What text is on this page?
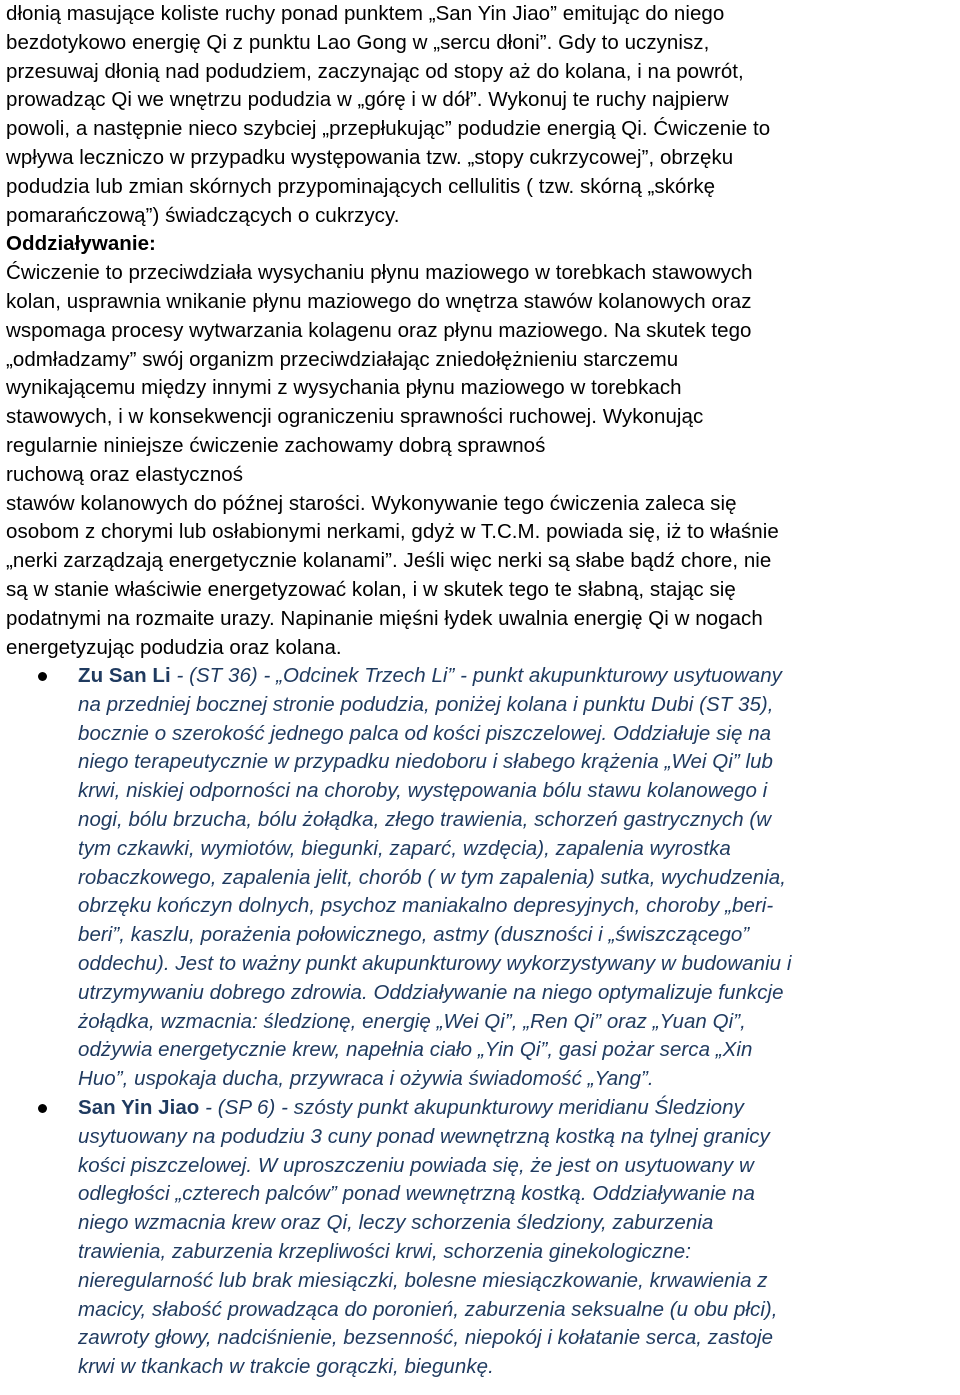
dłonią masujące koliste ruchy ponad punktem „San Yin Jiao” emitując do niego
bezdotykowo energię Qi z punktu Lao Gong w „sercu dłoni”. Gdy to uczynisz,
przesuwaj dłonią nad podudziem, zaczynając od stopy aż do kolana, i na powrót,
prowadząc Qi we wnętrzu podudzia w „górę i w dół”. Wykonuj te ruchy najpierw
powoli, a następnie nieco szybciej „przepłukując” podudzie energią Qi. Ćwiczenie to
wpływa leczniczo w przypadku występowania tzw. „stopy cukrzycowej”, obrzęku
podudzia lub zmian skórnych przypominających cellulitis ( tzw. skórną „skórkę
pomarańczową”) świadczących o cukrzycy.
Oddziaływanie:
Ćwiczenie to przeciwdziała wysychaniu płynu maziowego w torebkach stawowych
kolan, usprawnia wnikanie płynu maziowego do wnętrza stawów kolanowych oraz
wspomaga procesy wytwarzania kolagenu oraz płynu maziowego. Na skutek tego
„odmładzamy” swój organizm przeciwdziałając zniedołężnieniu starczemu
wynikającemu między innymi z wysychania płynu maziowego w torebkach
stawowych, i w konsekwencji ograniczeniu sprawności ruchowej. Wykonując
regularnie niniejsze ćwiczenie zachowamy dobrą sprawnoś
ruchową oraz elastycznoś
stawów kolanowych do późnej starości. Wykonywanie tego ćwiczenia zaleca się
osobom z chorymi lub osłabionymi nerkami, gdyż w T.C.M. powiada się, iż to właśnie
„nerki zarządzają energetycznie kolanami”. Jeśli więc nerki są słabe bądź chore, nie
są w stanie właściwie energetyzować kolan, i w skutek tego te słabną, stając się
podatnymi na rozmaite urazy. Napinanie mięśni łydek uwalnia energię Qi w nogach
energetyzując podudzia oraz kolana.
Zu San Li - (ST 36) - „Odcinek Trzech Li” - punkt akupunkturowy usytuowany
na przedniej bocznej stronie podudzia, poniżej kolana i punktu Dubi (ST 35),
bocznie o szerokość jednego palca od kości piszczelowej. Oddziałuje się na
niego terapeutycznie w przypadku niedoboru i słabego krążenia „Wei Qi” lub
krwi, niskiej odporności na choroby, występowania bólu stawu kolanowego i
nogi, bólu brzucha, bólu żołądka, złego trawienia, schorzeń gastrycznych (w
tym czkawki, wymiotów, biegunki, zaparć, wzdęcia), zapalenia wyrostka
robaczkowego, zapalenia jelit, chorób ( w tym zapalenia) sutka, wychudzenia,
obrzęku kończyn dolnych, psychoz maniakalno depresyjnych, choroby „beri-
beri”, kaszlu, porażenia połowicznego, astmy (duszności i „świszczącego”
oddechu). Jest to ważny punkt akupunkturowy wykorzystywany w budowaniu i
utrzymywaniu dobrego zdrowia. Oddziaływanie na niego optymalizuje funkcje
żołądka, wzmacnia: śledzionę, energię „Wei Qi”, „Ren Qi” oraz „Yuan Qi”,
odżywia energetycznie krew, napełnia ciało „Yin Qi”, gasi pożar serca „Xin
Huo”, uspokaja ducha, przywraca i ożywia świadomość „Yang”.
San Yin Jiao - (SP 6) - szósty punkt akupunkturowy meridianu Śledziony
usytuowany na podudziu 3 cuny ponad wewnętrzną kostką na tylnej granicy
kości piszczelowej. W uproszczeniu powiada się, że jest on usytuowany w
odległości „czterech palców” ponad wewnętrzną kostką. Oddziaływanie na
niego wzmacnia krew oraz Qi, leczy schorzenia śledziony, zaburzenia
trawienia, zaburzenia krzepliwości krwi, schorzenia ginekologiczne:
nieregularność lub brak miesiączki, bolesne miesiączkowanie, krwawienia z
macicy, słabość prowadząca do poronień, zaburzenia seksualne (u obu płci),
zawroty głowy, nadciśnienie, bezsenność, niepokój i kołatanie serca, zastoje
krwi w tkankach w trakcie gorączki, biegunkę.
